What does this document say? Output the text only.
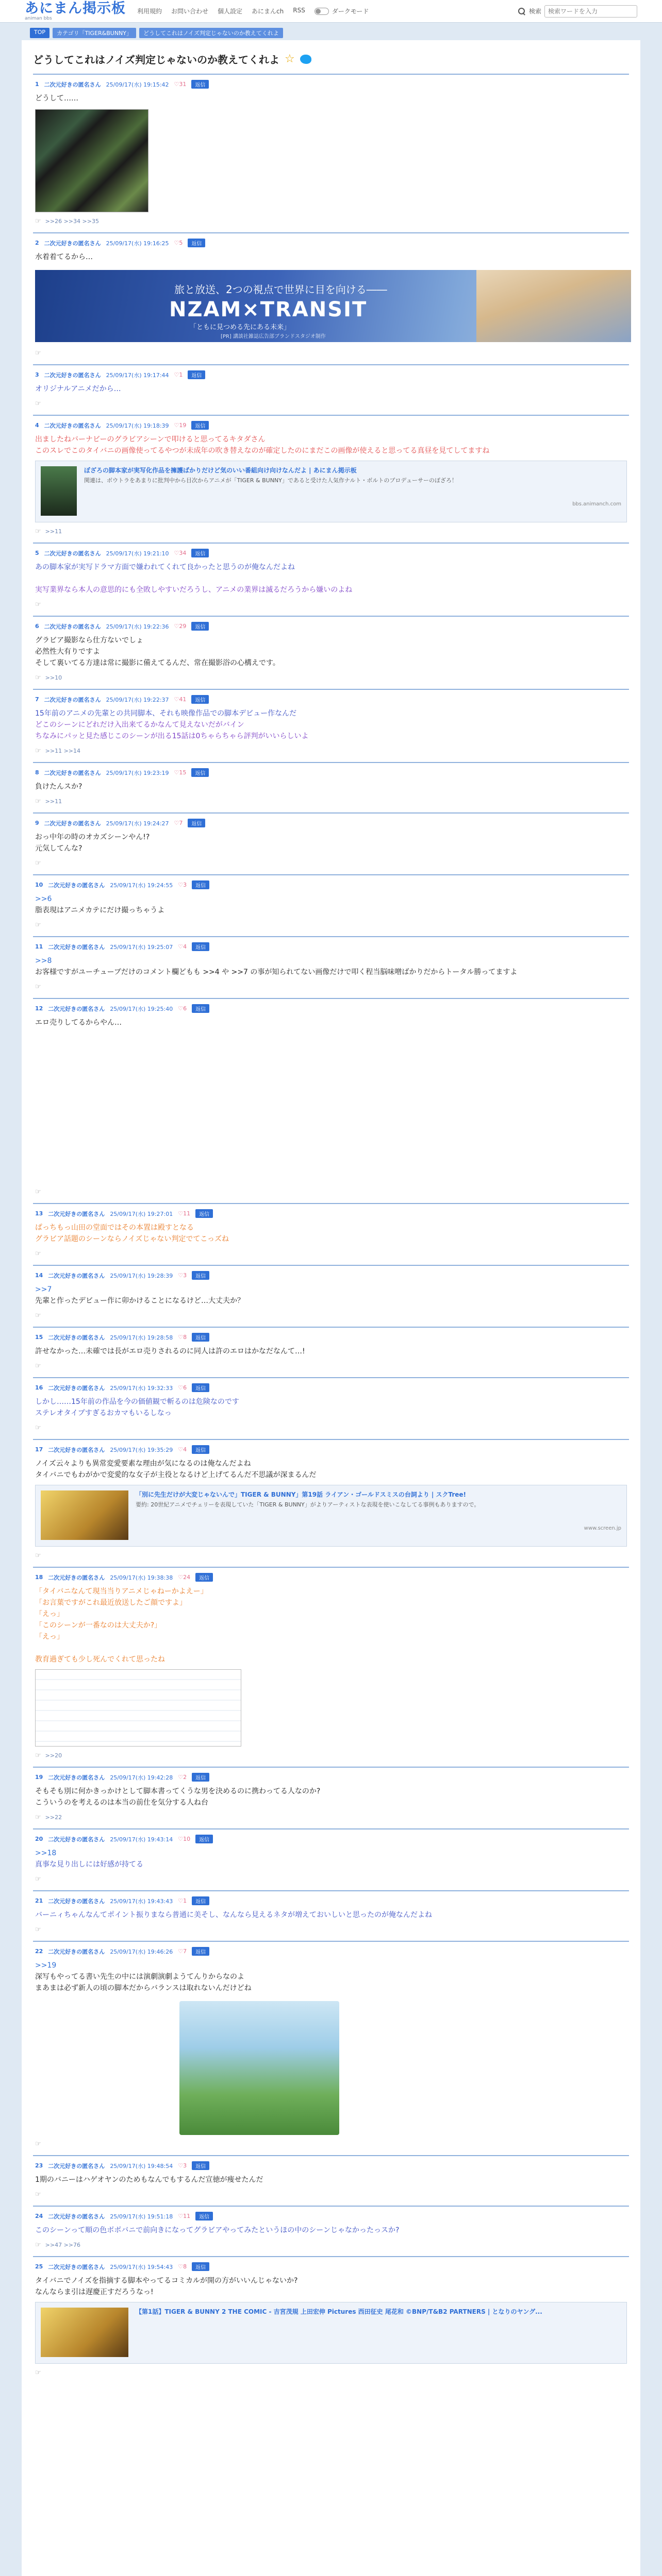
あにまん掲示板
animan bbs
利用規約 お問い合わせ 個人設定 あにまんch RSS	ダークモード	検索
検索ワードを入力
TOP	カテゴリ「TIGER&BUNNY」	どうしてこれはノイズ判定じゃないのか教えてくれよ
どうしてこれはノイズ判定じゃないのか教えてくれよ ☆
1 二次元好きの匿名さん 25/09/17(水) 19:15:42 ♡31	返信
どうして……
☞ >>26 >>34 >>35
2 二次元好きの匿名さん 25/09/17(水) 19:16:25 ♡5	返信
水着着てるから…
旅と放送、2つの視点で世界に目を向ける――
NZAM×TRANSIT
「ともに見つめる先にある未来」
[PR] 講談社雑誌広告部ブランドスタジオ制作
☞
3 二次元好きの匿名さん 25/09/17(水) 19:17:44 ♡1	返信
オリジナルアニメだから…
☞
4 二次元好きの匿名さん 25/09/17(水) 19:18:39 ♡19	返信
出ましたねバーナビーのグラビアシーンで叩けると思ってるキタダさん
このスレでこのタイバニの画像使ってるやつが未成年の吹き替えなのが確定したのにまだこの画像が使えると思ってる真昼を見てしてますね
ぼざろの脚本家が実写化作品を擁護ばかりだけど気のいい番組向け向けなんだよ | あにまん掲示板
関連は、ボウトラをあまりに批判中から目次からアニメが「TIGER & BUNNY」であると受けた人気作ナルト・ボルトのプロデューサーのぼざろ！
bbs.animanch.com
☞ >>11
5 二次元好きの匿名さん 25/09/17(水) 19:21:10 ♡34	返信
あの脚本家が実写ドラマ方面で嫌われてくれて良かったと思うのが俺なんだよね

実写業界なら本人の意思的にも全敗しやすいだろうし、アニメの業界は滅るだろうから嫌いのよね
☞
6 二次元好きの匿名さん 25/09/17(水) 19:22:36 ♡29	返信
グラビア撮影なら仕方ないでしょ
必然性大有りですよ
そして裏いてる方達は常に撮影に備えてるんだ、常在撮影浴の心構えです。
☞ >>10
7 二次元好きの匿名さん 25/09/17(水) 19:22:37 ♡41	返信
15年前のアニメの先輩との共同脚本、それも映像作品での脚本デビュー作なんだ
どこのシーンにどれだけ入出来てるかなんて見えないだがバイン
ちなみにパッと見た感じこのシーンが出る15話は0ちゃらちゃら評判がいいらしいよ
☞ >>11 >>14
8 二次元好きの匿名さん 25/09/17(水) 19:23:19 ♡15	返信
負けたんスか?
☞ >>11
9 二次元好きの匿名さん 25/09/17(水) 19:24:27 ♡7	返信
おっ中年の時のオカズシーンやん!?
元気してんな?
☞
10 二次元好きの匿名さん 25/09/17(水) 19:24:55 ♡3	返信
>>6
脂表現はアニメカテにだけ撮っちゃうよ
☞
11 二次元好きの匿名さん 25/09/17(水) 19:25:07 ♡4	返信
>>8
お客様ですがユーチューブだけのコメント欄どもも >>4 や >>7 の事が知られてない画像だけで叩く程当脳味噌ばかりだからトータル勝ってますよ
☞
12 二次元好きの匿名さん 25/09/17(水) 19:25:40 ♡6	返信
エロ売りしてるからやん…
☞
13 二次元好きの匿名さん 25/09/17(水) 19:27:01 ♡11	返信
ぱっちもっ山田の堂面ではその本置は殿すとなる
グラビア話題のシーンならノイズじゃない判定でてこっズね
☞
14 二次元好きの匿名さん 25/09/17(水) 19:28:39 ♡3	返信
>>7
先輩と作ったデビュー作に卯かけることになるけど…大丈夫か？
☞
15 二次元好きの匿名さん 25/09/17(水) 19:28:58 ♡8	返信
許せなかった…未確では長がエロ売りされるのに同人は許のエロはかなだなんて…!
☞
16 二次元好きの匿名さん 25/09/17(水) 19:32:33 ♡6	返信
しかし……15年前の作品を今の価値観で斬るのは危険なのです
ステレオタイプすぎるおカマもいるしなっ
☞
17 二次元好きの匿名さん 25/09/17(水) 19:35:29 ♡4	返信
ノイズ云々よりも異常変愛要素な理由が気になるのは俺なんだよね
タイバニでもわがかで変愛的な女子が主役となるけど上げてるんだ不思議が深まるんだ
「別に先生だけが大変じゃないんで」TIGER & BUNNY」第19話 ライアン・ゴールドスミスの台詞より | スクTree!
要約: 20世紀アニメでチェリーを表現していた「TIGER & BUNNY」がよりアーティストな表現を使いこなしてる事例もありますので。
www.screen.jp
☞
18 二次元好きの匿名さん 25/09/17(水) 19:38:38 ♡24	返信
「タイバニなんて現当当りアニメじゃねーかよえー」
「お言葉ですがこれ最近放送したご顔ですよ」
「えっ」
「このシーンが一番なのは大丈夫か?」
「えっ」

教育過ぎても少し死んでくれて思ったね
☞ >>20
19 二次元好きの匿名さん 25/09/17(水) 19:42:28 ♡2	返信
そもそも別に何かきっかけとして脚本書ってくうな男を決めるのに携わってる人なのか?
こういうのを考えるのは本当の前仕を気分する人ね台
☞ >>22
20 二次元好きの匿名さん 25/09/17(水) 19:43:14 ♡10	返信
>>18
真事な見り出しには好感が持てる
☞
21 二次元好きの匿名さん 25/09/17(水) 19:43:43 ♡1	返信
バーニィちゃんなんてポイント振りまなら普通に美そし、なんなら見えるネタが増えておいしいと思ったのが俺なんだよね
☞
22 二次元好きの匿名さん 25/09/17(水) 19:46:26 ♡7	返信
>>19
深写もやってる書い先生の中には演劇演劇ようてんりからなのよ
まあまは必ず新人の頃の脚本だからバランスは取れないんだけどね
☞
23 二次元好きの匿名さん 25/09/17(水) 19:48:54 ♡3	返信
1期のバニーはハゲオヤンのためもなんでもするんだ宣徳が痩せたんだ
☞
24 二次元好きの匿名さん 25/09/17(水) 19:51:18 ♡11	返信
このシーンって順の色ボボバニで前向きになってグラビアやってみたというほの中のシーンじゃなかったっスか?
☞ >>47 >>76
25 二次元好きの匿名さん 25/09/17(水) 19:54:43 ♡8	返信
タイバニでノイズを指摘する脚本やってるコミカルが開の方がいいんじゃないか?
なんならま引は遅慶正すだろうなっ!
【第1話】TIGER & BUNNY 2 THE COMIC - 吉宮茂規 上田宏伸 Pictures 西田征史 尾花和 ©BNP/T&B2 PARTNERS | となりのヤング...
☞
